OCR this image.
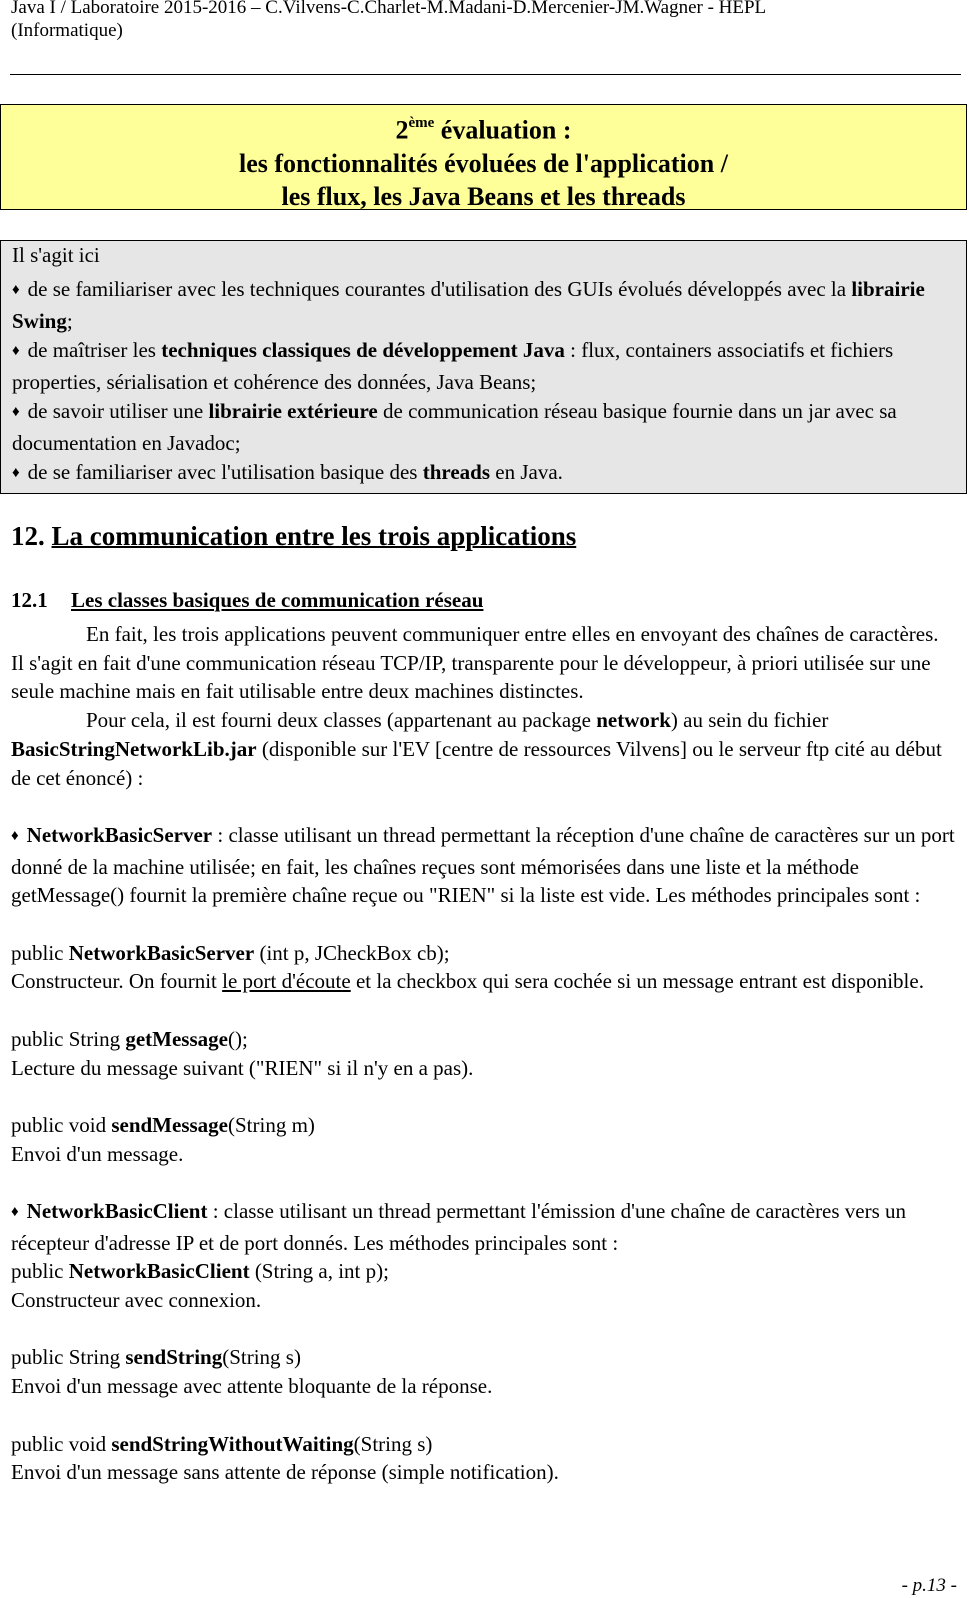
Java I / Laboratoire 2015-2016 – C.Vilvens-C.Charlet-M.Madani-D.Mercenier-JM.Wagner - HEPL
(Informatique)
2ème évaluation :
les fonctionnalités évoluées de l'application /
les flux, les Java Beans et les threads

Il s'agit ici

♦ de se familiariser avec les techniques courantes d'utilisation des GUIs évolués développés avec la librairie Swing;

♦ de maîtriser les techniques classiques de développement Java : flux, containers associatifs et fichiers properties, sérialisation et cohérence des données, Java Beans;

♦ de savoir utiliser une librairie extérieure de communication réseau basique fournie dans un jar avec sa documentation en Javadoc;

♦ de se familiariser avec l'utilisation basique des threads en Java.

12. La communication entre les trois applications
12.1 Les classes basiques de communication réseau

En fait, les trois applications peuvent communiquer entre elles en envoyant des chaînes de caractères. Il s'agit en fait d'une communication réseau TCP/IP, transparente pour le développeur, à priori utilisée sur une seule machine mais en fait utilisable entre deux machines distinctes.

Pour cela, il est fourni deux classes (appartenant au package network) au sein du fichier BasicStringNetworkLib.jar (disponible sur l'EV [centre de ressources Vilvens] ou le serveur ftp cité au début de cet énoncé) :

♦ NetworkBasicServer : classe utilisant un thread permettant la réception d'une chaîne de caractères sur un port donné de la machine utilisée; en fait, les chaînes reçues sont mémorisées dans une liste et la méthode getMessage() fournit la première chaîne reçue ou "RIEN" si la liste est vide. Les méthodes principales sont :

public NetworkBasicServer (int p, JCheckBox cb);

Constructeur. On fournit le port d'écoute et la checkbox qui sera cochée si un message entrant est disponible.

public String getMessage();

Lecture du message suivant ("RIEN" si il n'y en a pas).

public void sendMessage(String m)

Envoi d'un message.

♦ NetworkBasicClient : classe utilisant un thread permettant l'émission d'une chaîne de caractères vers un récepteur d'adresse IP et de port donnés. Les méthodes principales sont :

public NetworkBasicClient (String a, int p);

Constructeur avec connexion.

public String sendString(String s)

Envoi d'un message avec attente bloquante de la réponse.

public void sendStringWithoutWaiting(String s)

Envoi d'un message sans attente de réponse (simple notification).

- p.13 -
